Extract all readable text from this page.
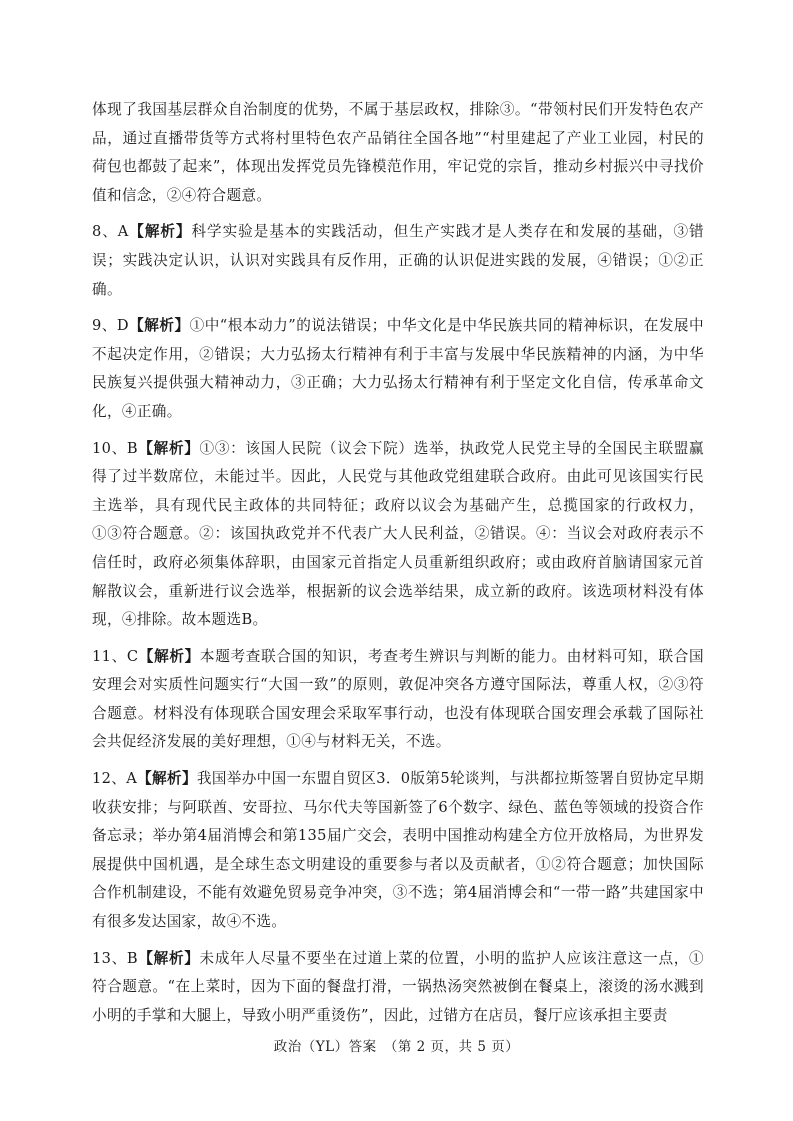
体现了我国基层群众自治制度的优势，不属于基层政权，排除③。“带领村民们开发特色农产品，通过直播带货等方式将村里特色农产品销往全国各地”“村里建起了产业工业园，村民的荷包也都鼓了起来”，体现出发挥党员先锋模范作用，牢记党的宗旨，推动乡村振兴中寻找价值和信念，②④符合题意。

8、A【解析】科学实验是基本的实践活动，但生产实践才是人类存在和发展的基础，③错误；实践决定认识，认识对实践具有反作用，正确的认识促进实践的发展，④错误；①②正确。

9、D【解析】①中“根本动力”的说法错误；中华文化是中华民族共同的精神标识，在发展中不起决定作用，②错误；大力弘扬太行精神有利于丰富与发展中华民族精神的内涵，为中华民族复兴提供强大精神动力，③正确；大力弘扬太行精神有利于坚定文化自信，传承革命文化，④正确。

10、B【解析】①③：该国人民院（议会下院）选举，执政党人民党主导的全国民主联盟赢得了过半数席位，未能过半。因此，人民党与其他政党组建联合政府。由此可见该国实行民主选举，具有现代民主政体的共同特征；政府以议会为基础产生，总揽国家的行政权力，①③符合题意。②：该国执政党并不代表广大人民利益，②错误。④：当议会对政府表示不信任时，政府必须集体辞职，由国家元首指定人员重新组织政府；或由政府首脑请国家元首解散议会，重新进行议会选举，根据新的议会选举结果，成立新的政府。该选项材料没有体现，④排除。故本题选B。

11、C【解析】本题考查联合国的知识，考查考生辨识与判断的能力。由材料可知，联合国安理会对实质性问题实行“大国一致”的原则，敦促冲突各方遵守国际法，尊重人权，②③符合题意。材料没有体现联合国安理会采取军事行动，也没有体现联合国安理会承载了国际社会共促经济发展的美好理想，①④与材料无关，不选。

12、A【解析】我国举办中国一东盟自贸区3．0版第5轮谈判，与洪都拉斯签署自贸协定早期收获安排；与阿联酋、安哥拉、马尔代夫等国新签了6个数字、绿色、蓝色等领域的投资合作备忘录；举办第4届消博会和第135届广交会，表明中国推动构建全方位开放格局，为世界发展提供中国机遇，是全球生态文明建设的重要参与者以及贡献者，①②符合题意；加快国际合作机制建设，不能有效避免贸易竞争冲突，③不选；第4届消博会和“一带一路”共建国家中有很多发达国家，故④不选。

13、B【解析】未成年人尽量不要坐在过道上菜的位置，小明的监护人应该注意这一点，①符合题意。“在上菜时，因为下面的餐盘打滑，一锅热汤突然被倒在餐桌上，滚烫的汤水溅到小明的手掌和大腿上，导致小明严重烫伤”，因此，过错方在店员，餐厅应该承担主要责

政治（YL）答案　（第 2 页，共 5 页）
